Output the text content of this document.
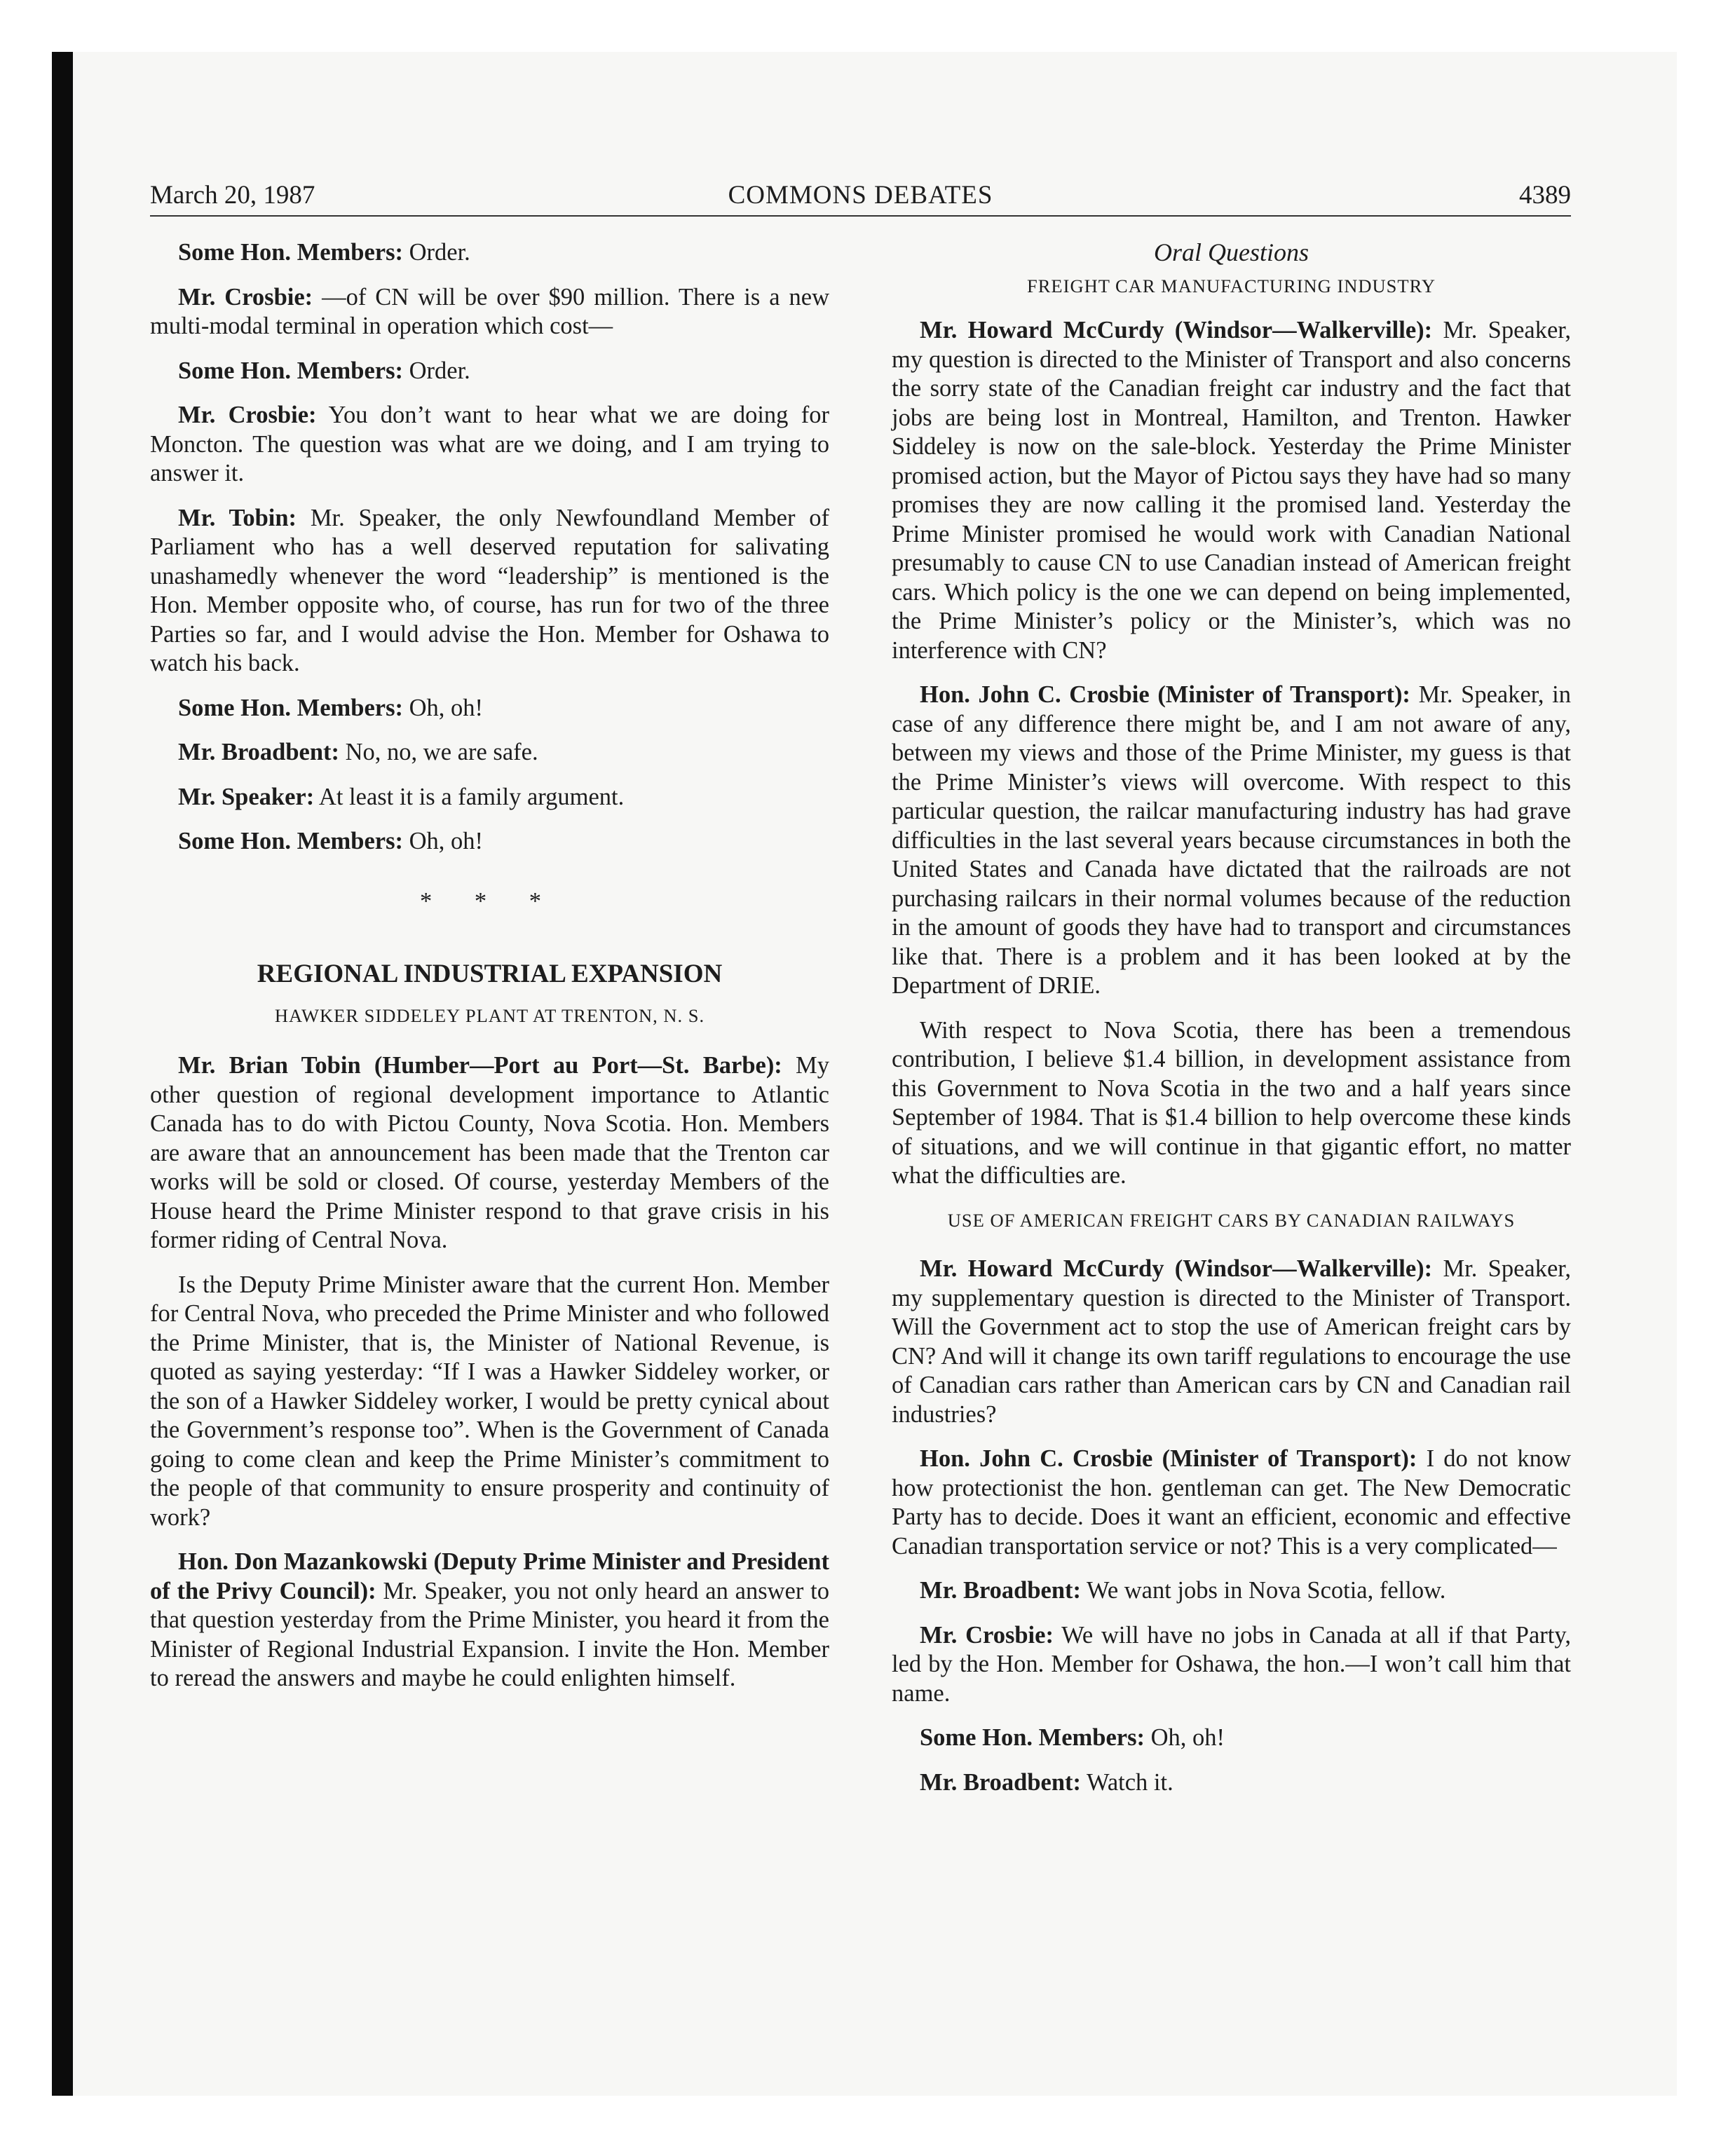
March 20, 1987	COMMONS DEBATES	4389

Some Hon. Members: Order.

Mr. Crosbie: —of CN will be over $90 million. There is a new multi-modal terminal in operation which cost—

Some Hon. Members: Order.

Mr. Crosbie: You don’t want to hear what we are doing for Moncton. The question was what are we doing, and I am trying to answer it.

Mr. Tobin: Mr. Speaker, the only Newfoundland Member of Parliament who has a well deserved reputation for salivating unashamedly whenever the word “leadership” is mentioned is the Hon. Member opposite who, of course, has run for two of the three Parties so far, and I would advise the Hon. Member for Oshawa to watch his back.

Some Hon. Members: Oh, oh!

Mr. Broadbent: No, no, we are safe.

Mr. Speaker: At least it is a family argument.

Some Hon. Members: Oh, oh!

* * *

REGIONAL INDUSTRIAL EXPANSION

HAWKER SIDDELEY PLANT AT TRENTON, N. S.

Mr. Brian Tobin (Humber—Port au Port—St. Barbe): My other question of regional development importance to Atlantic Canada has to do with Pictou County, Nova Scotia. Hon. Members are aware that an announcement has been made that the Trenton car works will be sold or closed. Of course, yesterday Members of the House heard the Prime Minister respond to that grave crisis in his former riding of Central Nova.

Is the Deputy Prime Minister aware that the current Hon. Member for Central Nova, who preceded the Prime Minister and who followed the Prime Minister, that is, the Minister of National Revenue, is quoted as saying yesterday: “If I was a Hawker Siddeley worker, or the son of a Hawker Siddeley worker, I would be pretty cynical about the Government’s response too”. When is the Government of Canada going to come clean and keep the Prime Minister’s commitment to the people of that community to ensure prosperity and continuity of work?

Hon. Don Mazankowski (Deputy Prime Minister and President of the Privy Council): Mr. Speaker, you not only heard an answer to that question yesterday from the Prime Minister, you heard it from the Minister of Regional Industrial Expansion. I invite the Hon. Member to reread the answers and maybe he could enlighten himself.

Oral Questions

FREIGHT CAR MANUFACTURING INDUSTRY

Mr. Howard McCurdy (Windsor—Walkerville): Mr. Speaker, my question is directed to the Minister of Transport and also concerns the sorry state of the Canadian freight car industry and the fact that jobs are being lost in Montreal, Hamilton, and Trenton. Hawker Siddeley is now on the sale-block. Yesterday the Prime Minister promised action, but the Mayor of Pictou says they have had so many promises they are now calling it the promised land. Yesterday the Prime Minister promised he would work with Canadian National presumably to cause CN to use Canadian instead of American freight cars. Which policy is the one we can depend on being implemented, the Prime Minister’s policy or the Minister’s, which was no interference with CN?

Hon. John C. Crosbie (Minister of Transport): Mr. Speaker, in case of any difference there might be, and I am not aware of any, between my views and those of the Prime Minister, my guess is that the Prime Minister’s views will overcome. With respect to this particular question, the railcar manufacturing industry has had grave difficulties in the last several years because circumstances in both the United States and Canada have dictated that the railroads are not purchasing railcars in their normal volumes because of the reduction in the amount of goods they have had to transport and circumstances like that. There is a problem and it has been looked at by the Department of DRIE.

With respect to Nova Scotia, there has been a tremendous contribution, I believe $1.4 billion, in development assistance from this Government to Nova Scotia in the two and a half years since September of 1984. That is $1.4 billion to help overcome these kinds of situations, and we will continue in that gigantic effort, no matter what the difficulties are.

USE OF AMERICAN FREIGHT CARS BY CANADIAN RAILWAYS

Mr. Howard McCurdy (Windsor—Walkerville): Mr. Speaker, my supplementary question is directed to the Minister of Transport. Will the Government act to stop the use of American freight cars by CN? And will it change its own tariff regulations to encourage the use of Canadian cars rather than American cars by CN and Canadian rail industries?

Hon. John C. Crosbie (Minister of Transport): I do not know how protectionist the hon. gentleman can get. The New Democratic Party has to decide. Does it want an efficient, economic and effective Canadian transportation service or not? This is a very complicated—

Mr. Broadbent: We want jobs in Nova Scotia, fellow.

Mr. Crosbie: We will have no jobs in Canada at all if that Party, led by the Hon. Member for Oshawa, the hon.—I won’t call him that name.

Some Hon. Members: Oh, oh!

Mr. Broadbent: Watch it.
